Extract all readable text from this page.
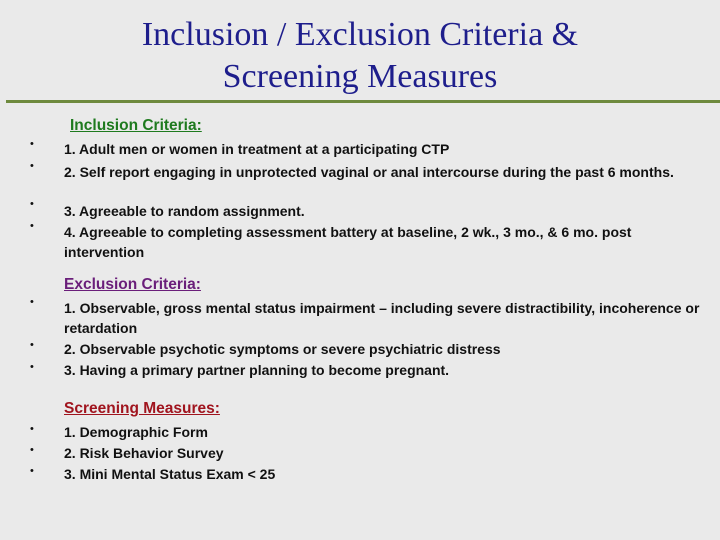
Inclusion / Exclusion Criteria &
Screening Measures
Inclusion Criteria:
1. Adult men or women in treatment at a participating CTP
2. Self report engaging in unprotected vaginal or anal intercourse during the past 6 months.
3. Agreeable to random assignment.
4. Agreeable to completing assessment battery at baseline, 2 wk., 3 mo., & 6 mo. post intervention
Exclusion Criteria:
1. Observable, gross mental status impairment – including severe distractibility, incoherence or retardation
2. Observable psychotic symptoms or severe psychiatric distress
3. Having a primary partner planning to become pregnant.
Screening Measures:
1. Demographic Form
2. Risk Behavior Survey
3. Mini Mental Status Exam < 25
•
•
•
•
•
•
•
•
•
•
